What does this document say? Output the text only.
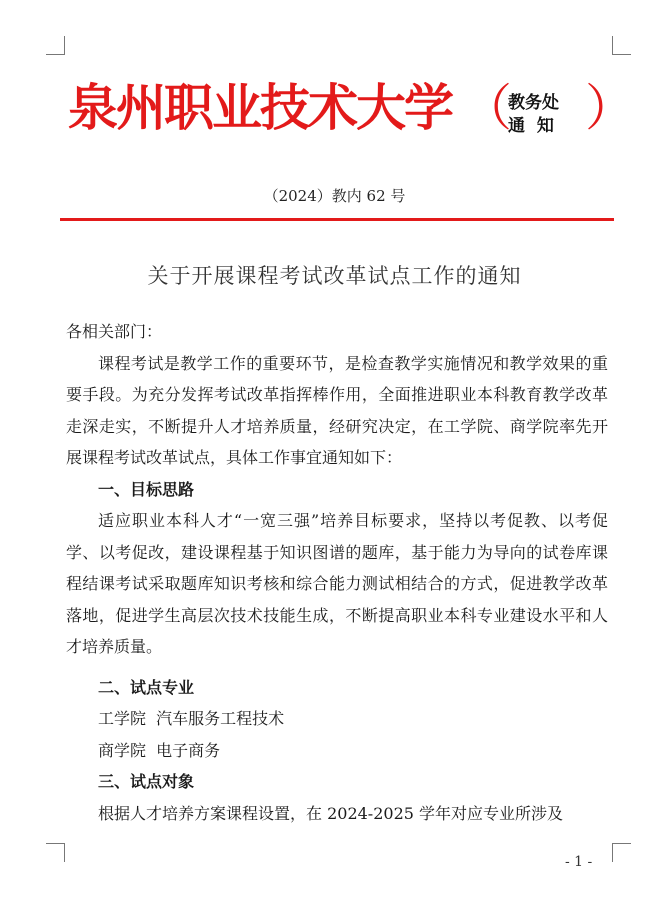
泉州职业技术大学 （
教务处
通  知 ）
（2024）教内 62 号
关于开展课程考试改革试点工作的通知

各相关部门：

课程考试是教学工作的重要环节，是检查教学实施情况和教学效果的重要手段。为充分发挥考试改革指挥棒作用，全面推进职业本科教育教学改革走深走实，不断提升人才培养质量，经研究决定，在工学院、商学院率先开展课程考试改革试点，具体工作事宜通知如下：

一、目标思路

适应职业本科人才“一宽三强”培养目标要求，坚持以考促教、以考促学、以考促改，建设课程基于知识图谱的题库，基于能力为导向的试卷库课程结课考试采取题库知识考核和综合能力测试相结合的方式，促进教学改革落地，促进学生高层次技术技能生成，不断提高职业本科专业建设水平和人才培养质量。

二、试点专业

工学院  汽车服务工程技术

商学院  电子商务

三、试点对象

根据人才培养方案课程设置，在 2024-2025 学年对应专业所涉及

- 1 -
